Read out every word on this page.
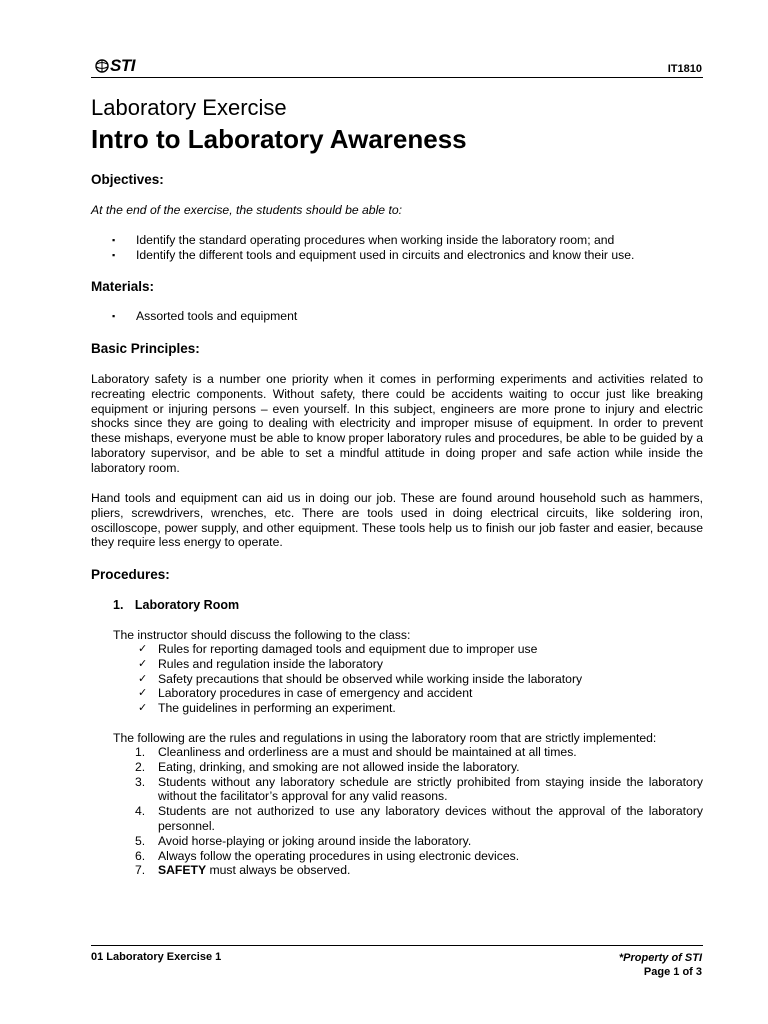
STI	IT1810
Laboratory Exercise
Intro to Laboratory Awareness
Objectives:
At the end of the exercise, the students should be able to:
▪ Identify the standard operating procedures when working inside the laboratory room; and
▪ Identify the different tools and equipment used in circuits and electronics and know their use.
Materials:
▪ Assorted tools and equipment
Basic Principles:
Laboratory safety is a number one priority when it comes in performing experiments and activities related to recreating electric components. Without safety, there could be accidents waiting to occur just like breaking equipment or injuring persons – even yourself. In this subject, engineers are more prone to injury and electric shocks since they are going to dealing with electricity and improper misuse of equipment. In order to prevent these mishaps, everyone must be able to know proper laboratory rules and procedures, be able to be guided by a laboratory supervisor, and be able to set a mindful attitude in doing proper and safe action while inside the laboratory room.
Hand tools and equipment can aid us in doing our job. These are found around household such as hammers, pliers, screwdrivers, wrenches, etc. There are tools used in doing electrical circuits, like soldering iron, oscilloscope, power supply, and other equipment. These tools help us to finish our job faster and easier, because they require less energy to operate.
Procedures:
1. Laboratory Room
The instructor should discuss the following to the class:
✓ Rules for reporting damaged tools and equipment due to improper use
✓ Rules and regulation inside the laboratory
✓ Safety precautions that should be observed while working inside the laboratory
✓ Laboratory procedures in case of emergency and accident
✓ The guidelines in performing an experiment.
The following are the rules and regulations in using the laboratory room that are strictly implemented:
1. Cleanliness and orderliness are a must and should be maintained at all times.
2. Eating, drinking, and smoking are not allowed inside the laboratory.
3. Students without any laboratory schedule are strictly prohibited from staying inside the laboratory without the facilitator’s approval for any valid reasons.
4. Students are not authorized to use any laboratory devices without the approval of the laboratory personnel.
5. Avoid horse-playing or joking around inside the laboratory.
6. Always follow the operating procedures in using electronic devices.
7. SAFETY must always be observed.
01 Laboratory Exercise 1	*Property of STI
Page 1 of 3
